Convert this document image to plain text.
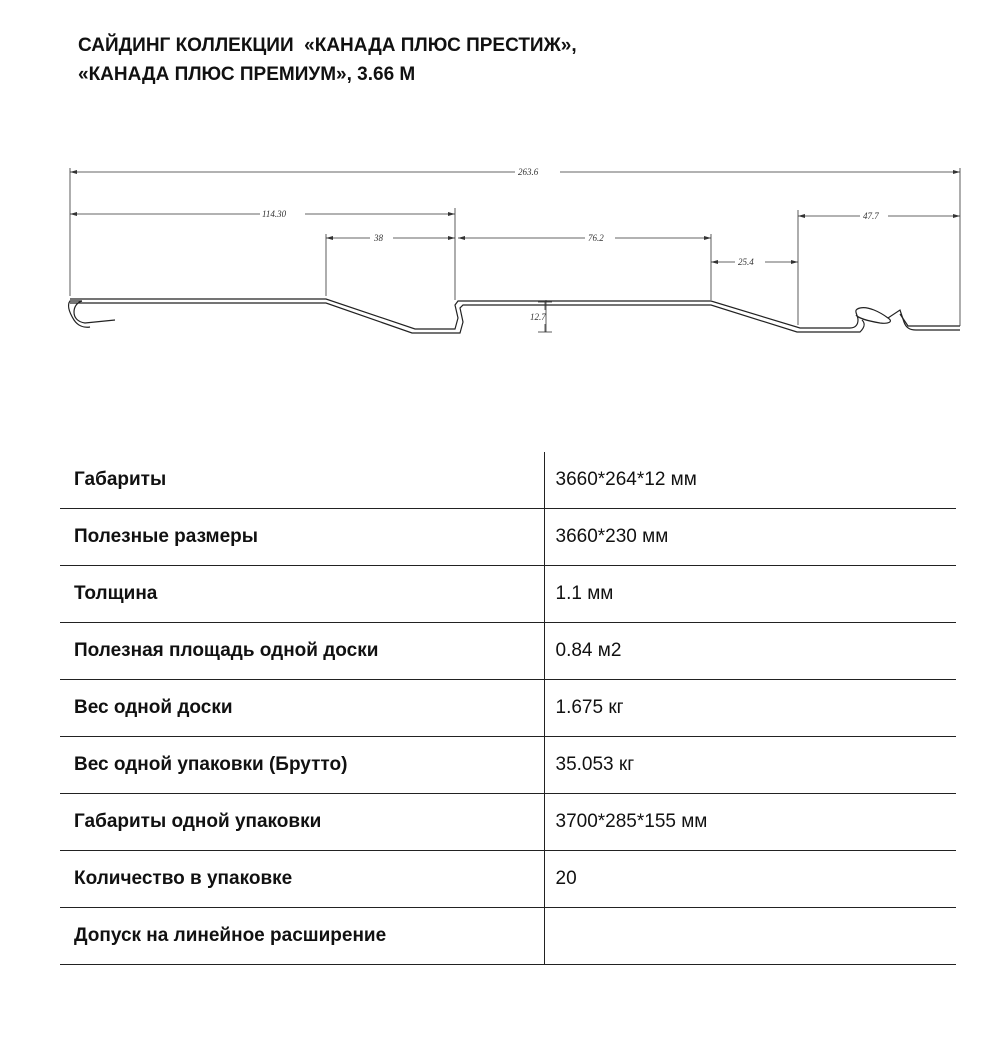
САЙДИНГ КОЛЛЕКЦИИ  «КАНАДА ПЛЮС ПРЕСТИЖ»,
«КАНАДА ПЛЮС ПРЕМИУМ», 3.66 М
263.6
114.30
38	76.2
25.4
47.7
12.7
Габариты	3660*264*12 мм
Полезные размеры	3660*230 мм
Толщина	1.1 мм
Полезная площадь одной доски	0.84 м2
Вес одной доски	1.675 кг
Вес одной упаковки (Брутто)	35.053 кг
Габариты одной упаковки	3700*285*155 мм
Количество в упаковке	20
Допуск на линейное расширение	
